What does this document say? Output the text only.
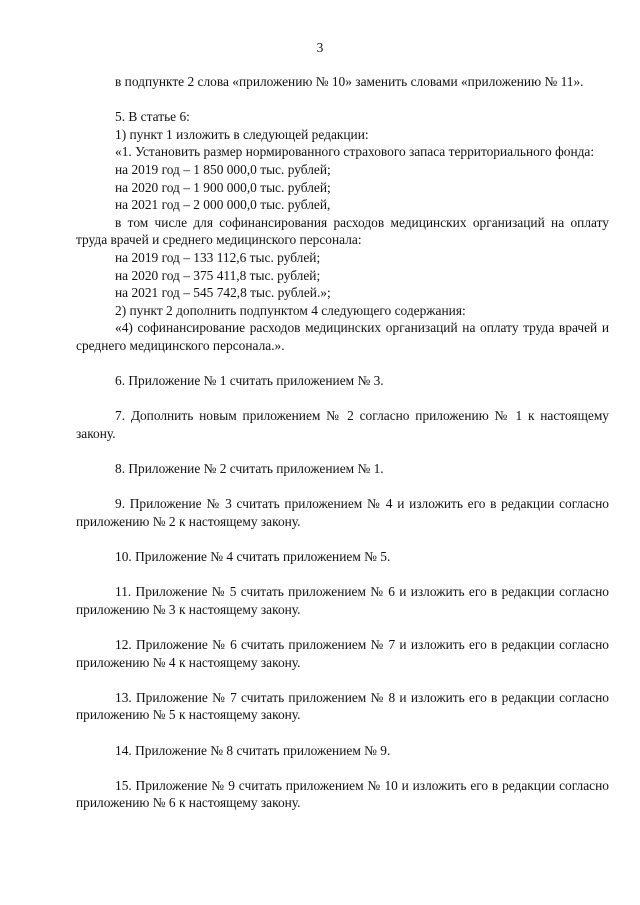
3

в подпункте 2 слова «приложению № 10» заменить словами «приложению № 11».

5. В статье 6:

1) пункт 1 изложить в следующей редакции:

«1. Установить размер нормированного страхового запаса территориального фонда:

на 2019 год – 1 850 000,0 тыс. рублей;

на 2020 год – 1 900 000,0 тыс. рублей;

на 2021 год – 2 000 000,0 тыс. рублей,

в том числе для софинансирования расходов медицинских организаций на оплату труда врачей и среднего медицинского персонала:

на 2019 год – 133 112,6 тыс. рублей;

на 2020 год – 375 411,8 тыс. рублей;

на 2021 год – 545 742,8 тыс. рублей.»;

2) пункт 2 дополнить подпунктом 4 следующего содержания:

«4) софинансирование расходов медицинских организаций на оплату труда врачей и среднего медицинского персонала.».

6. Приложение № 1 считать приложением № 3.

7. Дополнить новым приложением № 2 согласно приложению № 1 к настоящему закону.

8. Приложение № 2 считать приложением № 1.

9. Приложение № 3 считать приложением № 4 и изложить его в редакции согласно приложению № 2 к настоящему закону.

10. Приложение № 4 считать приложением № 5.

11. Приложение № 5 считать приложением № 6 и изложить его в редакции согласно приложению № 3 к настоящему закону.

12. Приложение № 6 считать приложением № 7 и изложить его в редакции согласно приложению № 4 к настоящему закону.

13. Приложение № 7 считать приложением № 8 и изложить его в редакции согласно приложению № 5 к настоящему закону.

14. Приложение № 8 считать приложением № 9.

15. Приложение № 9 считать приложением № 10 и изложить его в редакции согласно приложению № 6 к настоящему закону.
